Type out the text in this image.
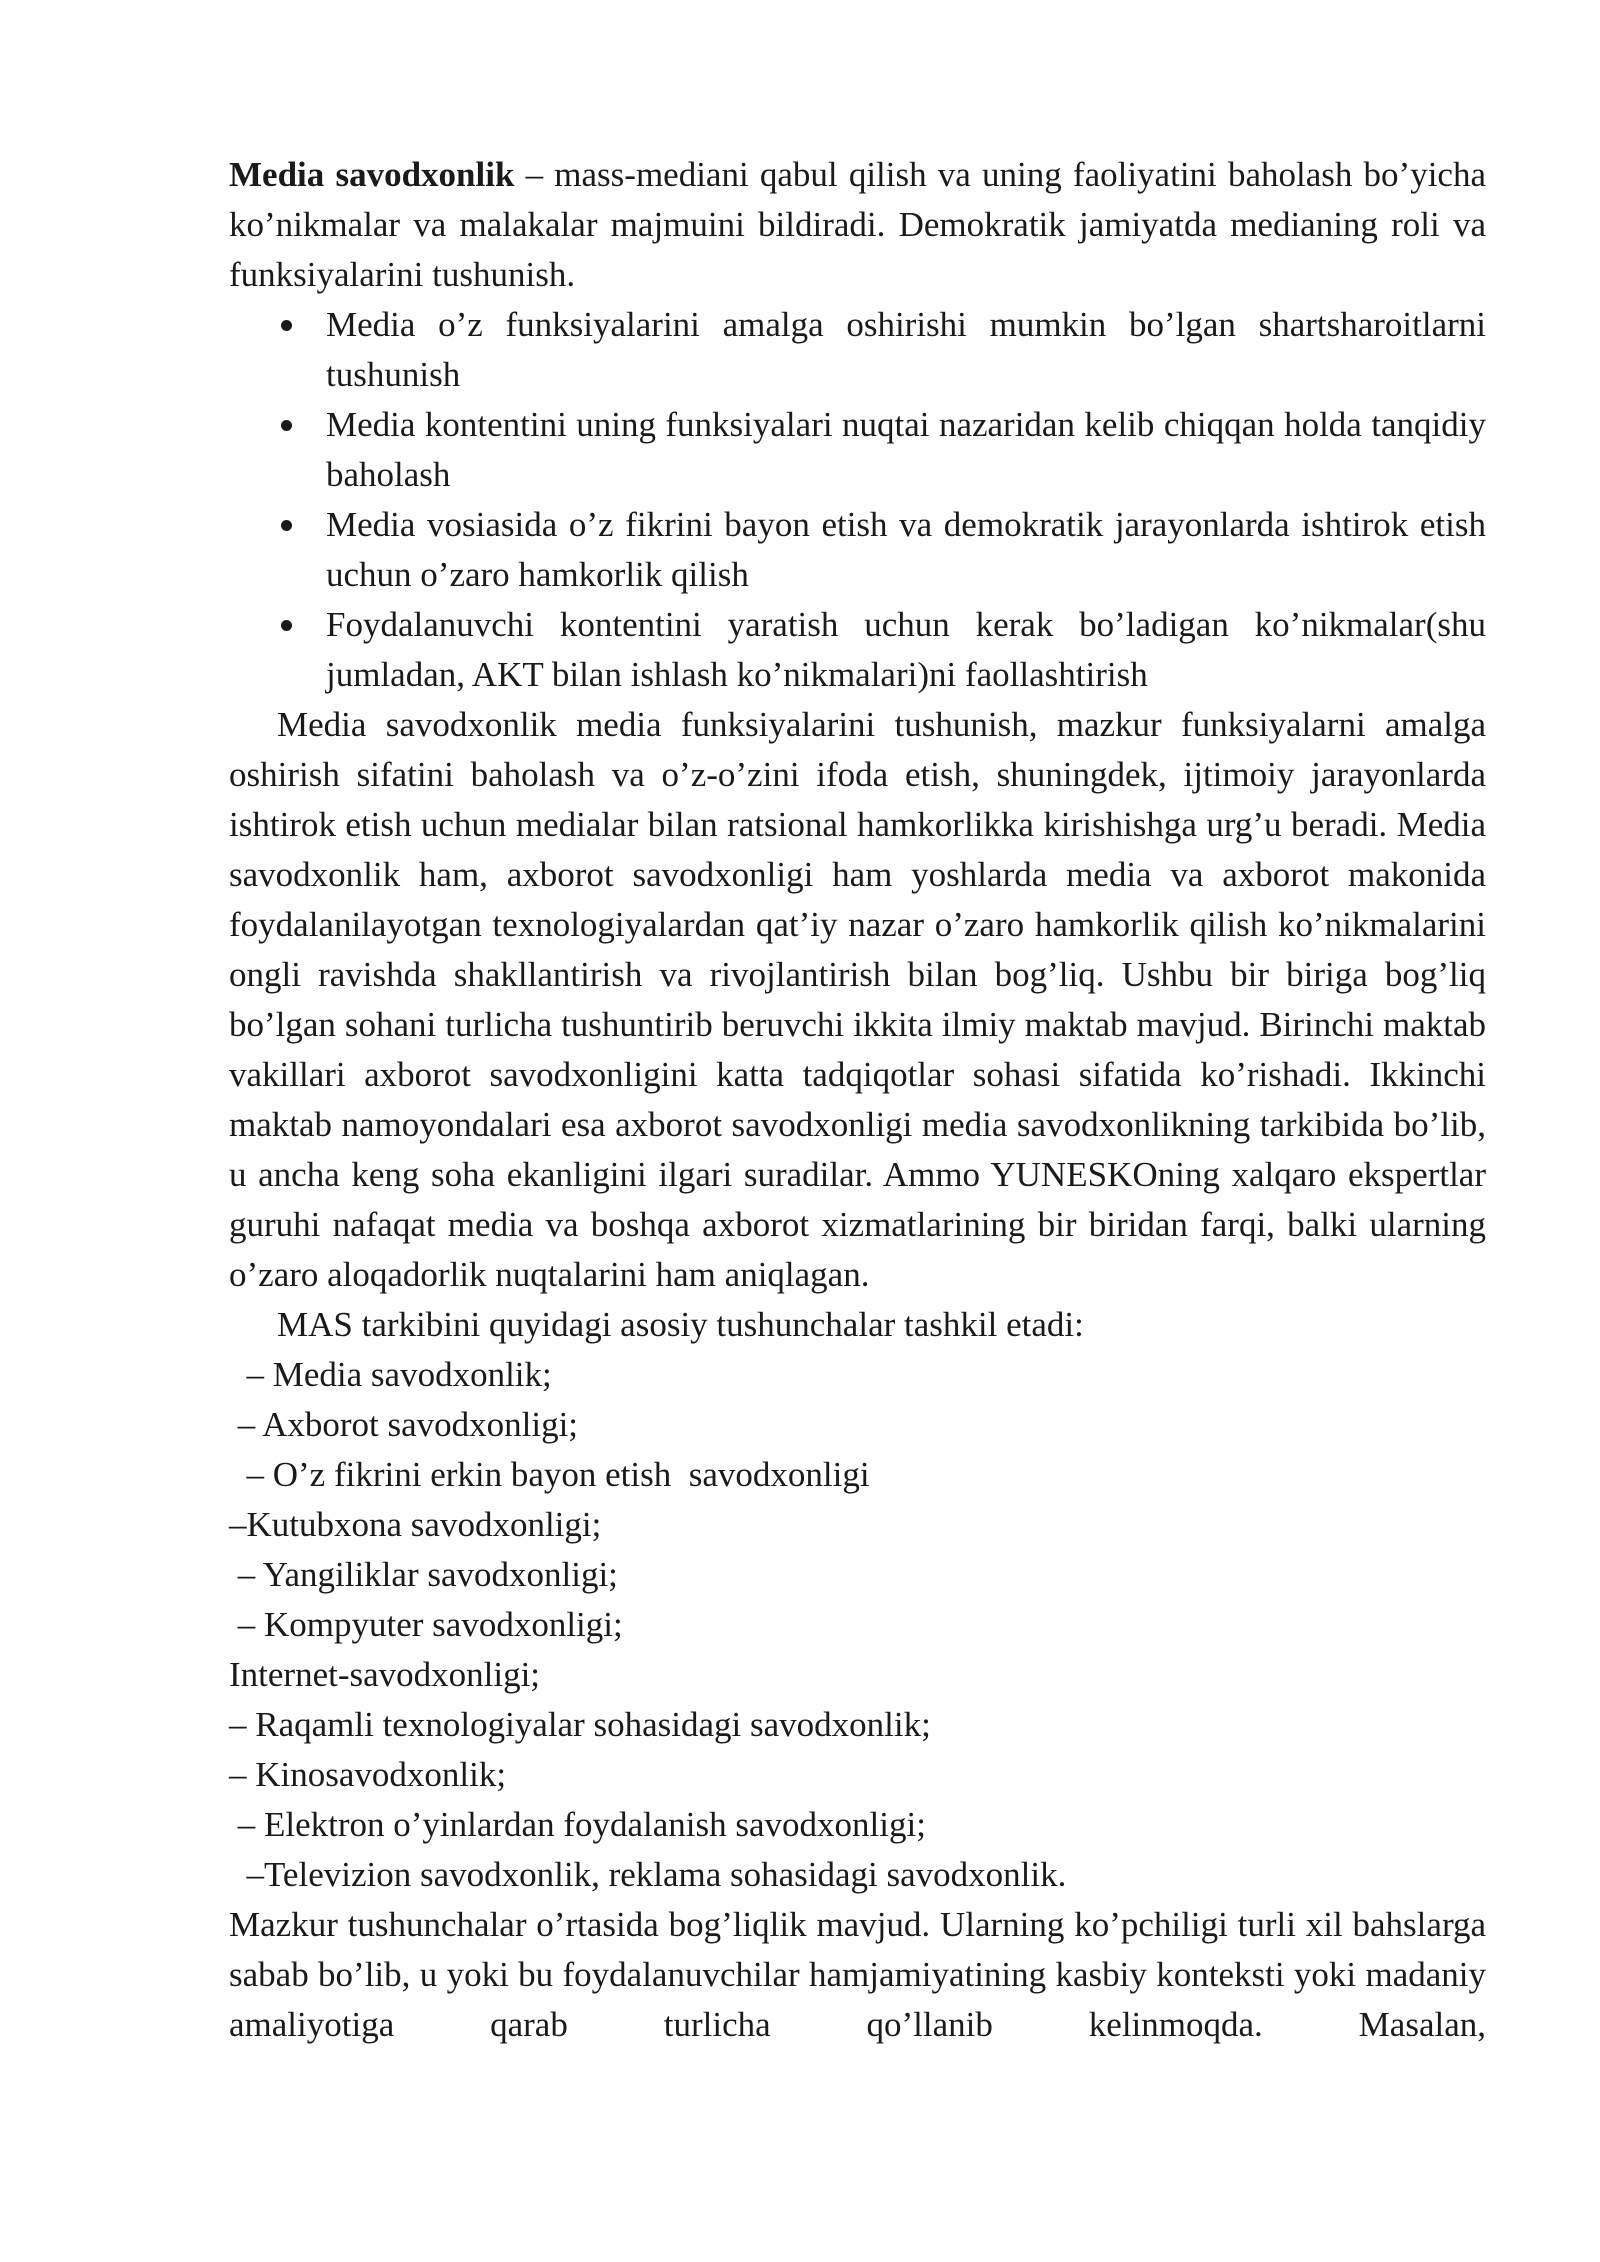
Media savodxonlik – mass-mediani qabul qilish va uning faoliyatini baholash bo’yicha ko’nikmalar va malakalar majmuini bildiradi. Demokratik jamiyatda medianing roli va funksiyalarini tushunish.

Media o’z funksiyalarini amalga oshirishi mumkin bo’lgan shartsharoitlarni tushunish
Media kontentini uning funksiyalari nuqtai nazaridan kelib chiqqan holda tanqidiy baholash
Media vosiasida o’z fikrini bayon etish va demokratik jarayonlarda ishtirok etish uchun o’zaro hamkorlik qilish
Foydalanuvchi kontentini yaratish uchun kerak bo’ladigan ko’nikmalar(shu jumladan, AKT bilan ishlash ko’nikmalari)ni faollashtirish

Media savodxonlik media funksiyalarini tushunish, mazkur funksiyalarni amalga oshirish sifatini baholash va o’z-o’zini ifoda etish, shuningdek, ijtimoiy jarayonlarda ishtirok etish uchun medialar bilan ratsional hamkorlikka kirishishga urg’u beradi. Media savodxonlik ham, axborot savodxonligi ham yoshlarda media va axborot makonida foydalanilayotgan texnologiyalardan qat’iy nazar o’zaro hamkorlik qilish ko’nikmalarini ongli ravishda shakllantirish va rivojlantirish bilan bog’liq. Ushbu bir biriga bog’liq bo’lgan sohani turlicha tushuntirib beruvchi ikkita ilmiy maktab mavjud. Birinchi maktab vakillari axborot savodxonligini katta tadqiqotlar sohasi sifatida ko’rishadi. Ikkinchi maktab namoyondalari esa axborot savodxonligi media savodxonlikning tarkibida bo’lib, u ancha keng soha ekanligini ilgari suradilar. Ammo YUNESKOning xalqaro ekspertlar guruhi nafaqat media va boshqa axborot xizmatlarining bir biridan farqi, balki ularning o’zaro aloqadorlik nuqtalarini ham aniqlagan.

MAS tarkibini quyidagi asosiy tushunchalar tashkil etadi:

– Media savodxonlik;
– Axborot savodxonligi;
– O’z fikrini erkin bayon etish  savodxonligi
–Kutubxona savodxonligi;
– Yangiliklar savodxonligi;
– Kompyuter savodxonligi;
Internet-savodxonligi;
– Raqamli texnologiyalar sohasidagi savodxonlik;
– Kinosavodxonlik;
– Elektron o’yinlardan foydalanish savodxonligi;
–Televizion savodxonlik, reklama sohasidagi savodxonlik.

Mazkur tushunchalar o’rtasida bog’liqlik mavjud. Ularning ko’pchiligi turli xil bahslarga sabab bo’lib, u yoki bu foydalanuvchilar hamjamiyatining kasbiy konteksti yoki madaniy amaliyotiga qarab turlicha qo’llanib kelinmoqda. Masalan,
